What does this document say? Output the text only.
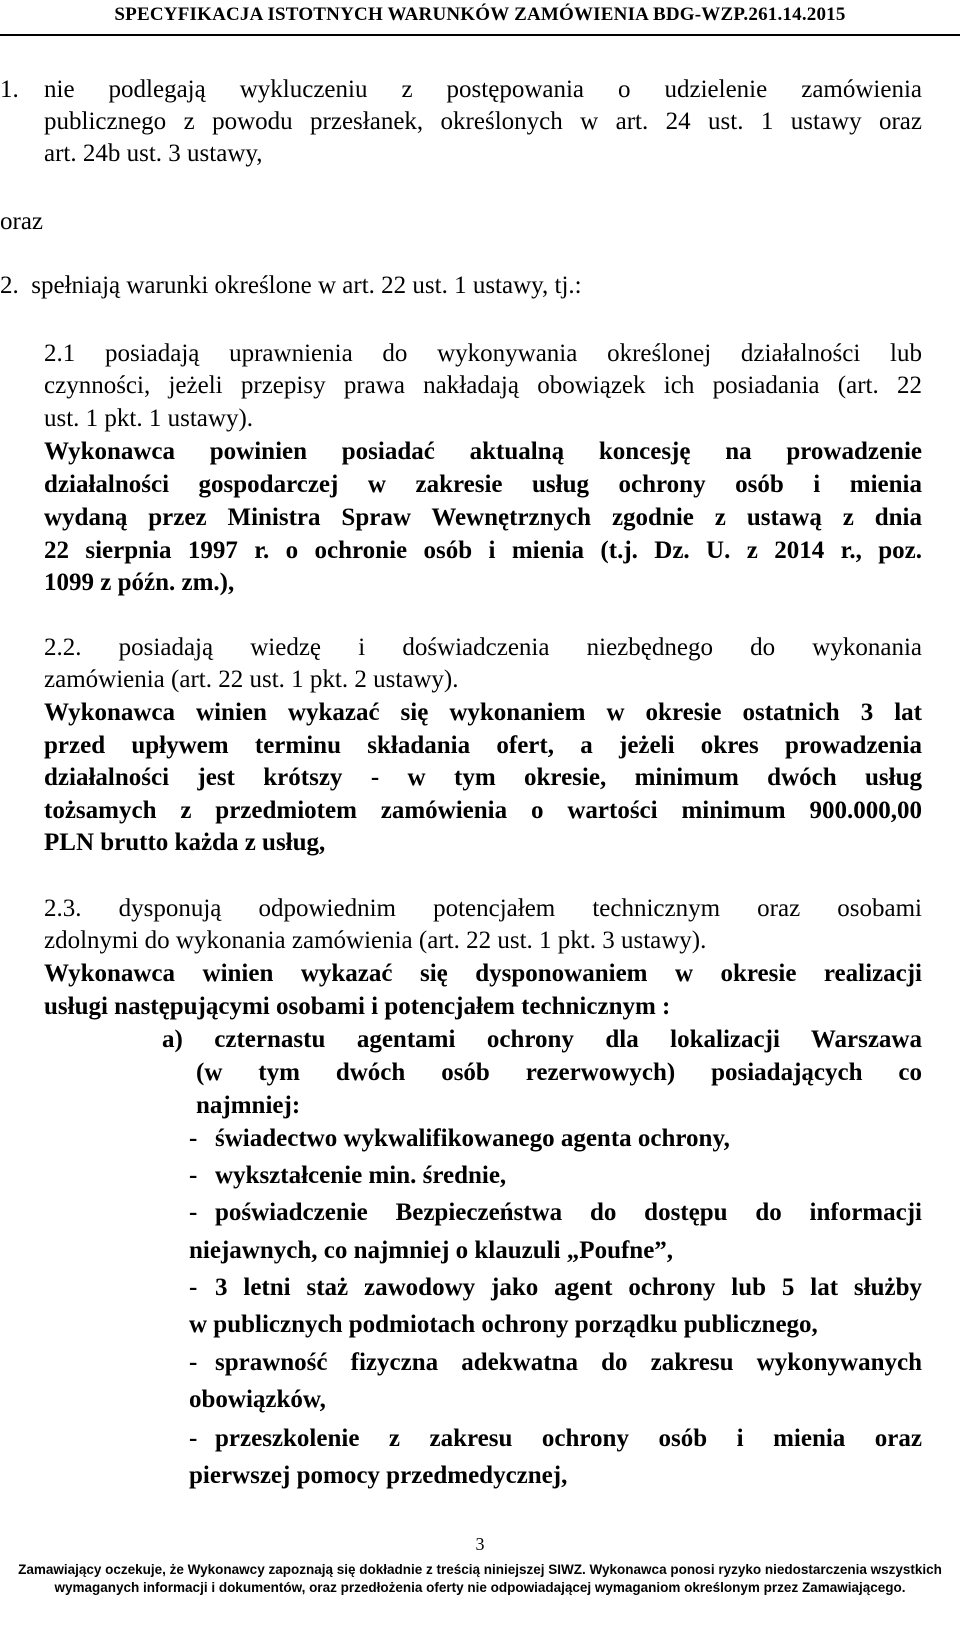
SPECYFIKACJA ISTOTNYCH WARUNKÓW ZAMÓWIENIA BDG-WZP.261.14.2015
1. nie podlegają wykluczeniu z postępowania o udzielenie zamówienia
publicznego z powodu przesłanek, określonych w art. 24 ust. 1 ustawy oraz
art. 24b ust. 3 ustawy,
oraz
2.  spełniają warunki określone w art. 22 ust. 1 ustawy, tj.:
2.1 posiadają uprawnienia do wykonywania określonej działalności lub
czynności, jeżeli przepisy prawa nakładają obowiązek ich posiadania (art. 22
ust. 1 pkt. 1 ustawy).
Wykonawca powinien posiadać aktualną koncesję na prowadzenie
działalności gospodarczej w zakresie usług ochrony osób i mienia
wydaną przez Ministra Spraw Wewnętrznych zgodnie z ustawą z dnia
22 sierpnia 1997 r. o ochronie osób i mienia (t.j. Dz. U. z 2014 r., poz.
1099 z późn. zm.),
2.2. posiadają wiedzę i doświadczenia niezbędnego do wykonania
zamówienia (art. 22 ust. 1 pkt. 2 ustawy).
Wykonawca winien wykazać się wykonaniem w okresie ostatnich 3 lat
przed upływem terminu składania ofert, a jeżeli okres prowadzenia
działalności jest krótszy - w tym okresie, minimum dwóch usług
tożsamych z przedmiotem zamówienia o wartości minimum 900.000,00
PLN brutto każda z usług,
2.3. dysponują odpowiednim potencjałem technicznym oraz osobami
zdolnymi do wykonania zamówienia (art. 22 ust. 1 pkt. 3 ustawy).
Wykonawca winien wykazać się dysponowaniem w okresie realizacji
usługi następującymi osobami i potencjałem technicznym :
a) czternastu agentami ochrony dla lokalizacji Warszawa
(w tym dwóch osób rezerwowych) posiadających co
najmniej:
- świadectwo wykwalifikowanego agenta ochrony,
- wykształcenie min. średnie,
- poświadczenie Bezpieczeństwa do dostępu do informacji
niejawnych, co najmniej o klauzuli „Poufne”,
- 3 letni staż zawodowy jako agent ochrony lub 5 lat służby
w publicznych podmiotach ochrony porządku publicznego,
- sprawność fizyczna adekwatna do zakresu wykonywanych
obowiązków,
- przeszkolenie z zakresu ochrony osób i mienia oraz
pierwszej pomocy przedmedycznej,
3
Zamawiający oczekuje, że Wykonawcy zapoznają się dokładnie z treścią niniejszej SIWZ. Wykonawca ponosi ryzyko niedostarczenia wszystkich
wymaganych informacji i dokumentów, oraz przedłożenia oferty nie odpowiadającej wymaganiom określonym przez Zamawiającego.
